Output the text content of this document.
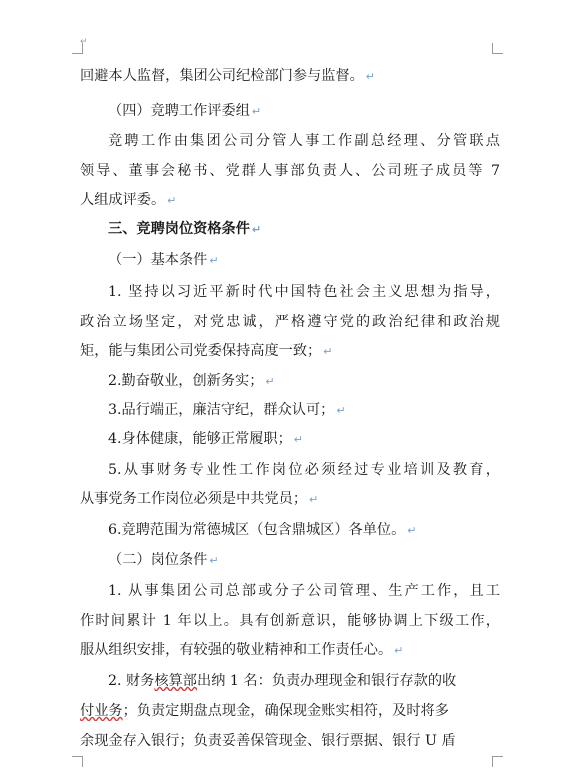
↵
回避本人监督，集团公司纪检部门参与监督。 ↵
（四）竞聘工作评委组 ↵
竞聘工作由集团公司分管人事工作副总经理、分管联点
领导、董事会秘书、党群人事部负责人、公司班子成员等 7
人组成评委。 ↵
三、竞聘岗位资格条件 ↵
（一）基本条件 ↵
1. 坚持以习近平新时代中国特色社会主义思想为指导，
政治立场坚定，对党忠诚，严格遵守党的政治纪律和政治规
矩，能与集团公司党委保持高度一致； ↵
2.勤奋敬业，创新务实； ↵
3.品行端正，廉洁守纪，群众认可； ↵
4.身体健康，能够正常履职； ↵
5.从事财务专业性工作岗位必须经过专业培训及教育，
从事党务工作岗位必须是中共党员； ↵
6.竞聘范围为常德城区（包含鼎城区）各单位。 ↵
（二）岗位条件 ↵
1. 从事集团公司总部或分子公司管理、生产工作，且工
作时间累计 1 年以上。具有创新意识，能够协调上下级工作，
服从组织安排，有较强的敬业精神和工作责任心。 ↵
2. 财务核算部出纳 1 名：负责办理现金和银行存款的收
付业务；负责定期盘点现金，确保现金账实相符，及时将多
余现金存入银行；负责妥善保管现金、银行票据、银行 U 盾
